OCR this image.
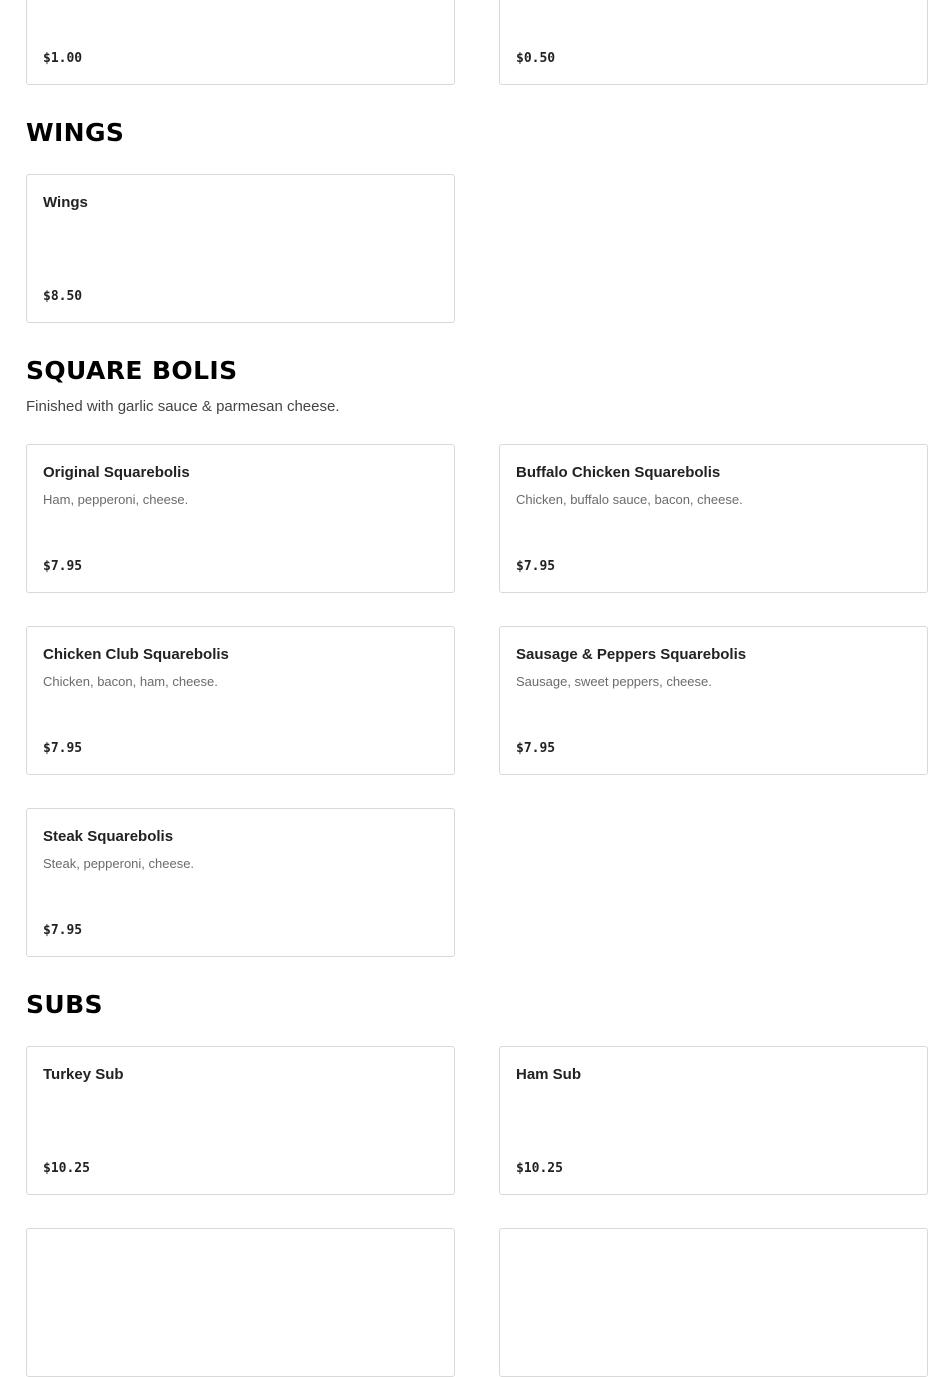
$1.00	$0.50
WINGS
Wings
$8.50
SQUARE BOLIS
Finished with garlic sauce & parmesan cheese.
Original Squarebolis
Ham, pepperoni, cheese.
$7.95
Buffalo Chicken Squarebolis
Chicken, buffalo sauce, bacon, cheese.
$7.95
Chicken Club Squarebolis
Chicken, bacon, ham, cheese.
$7.95
Sausage & Peppers Squarebolis
Sausage, sweet peppers, cheese.
$7.95
Steak Squarebolis
Steak, pepperoni, cheese.
$7.95
SUBS
Turkey Sub
$10.25
Ham Sub
$10.25
